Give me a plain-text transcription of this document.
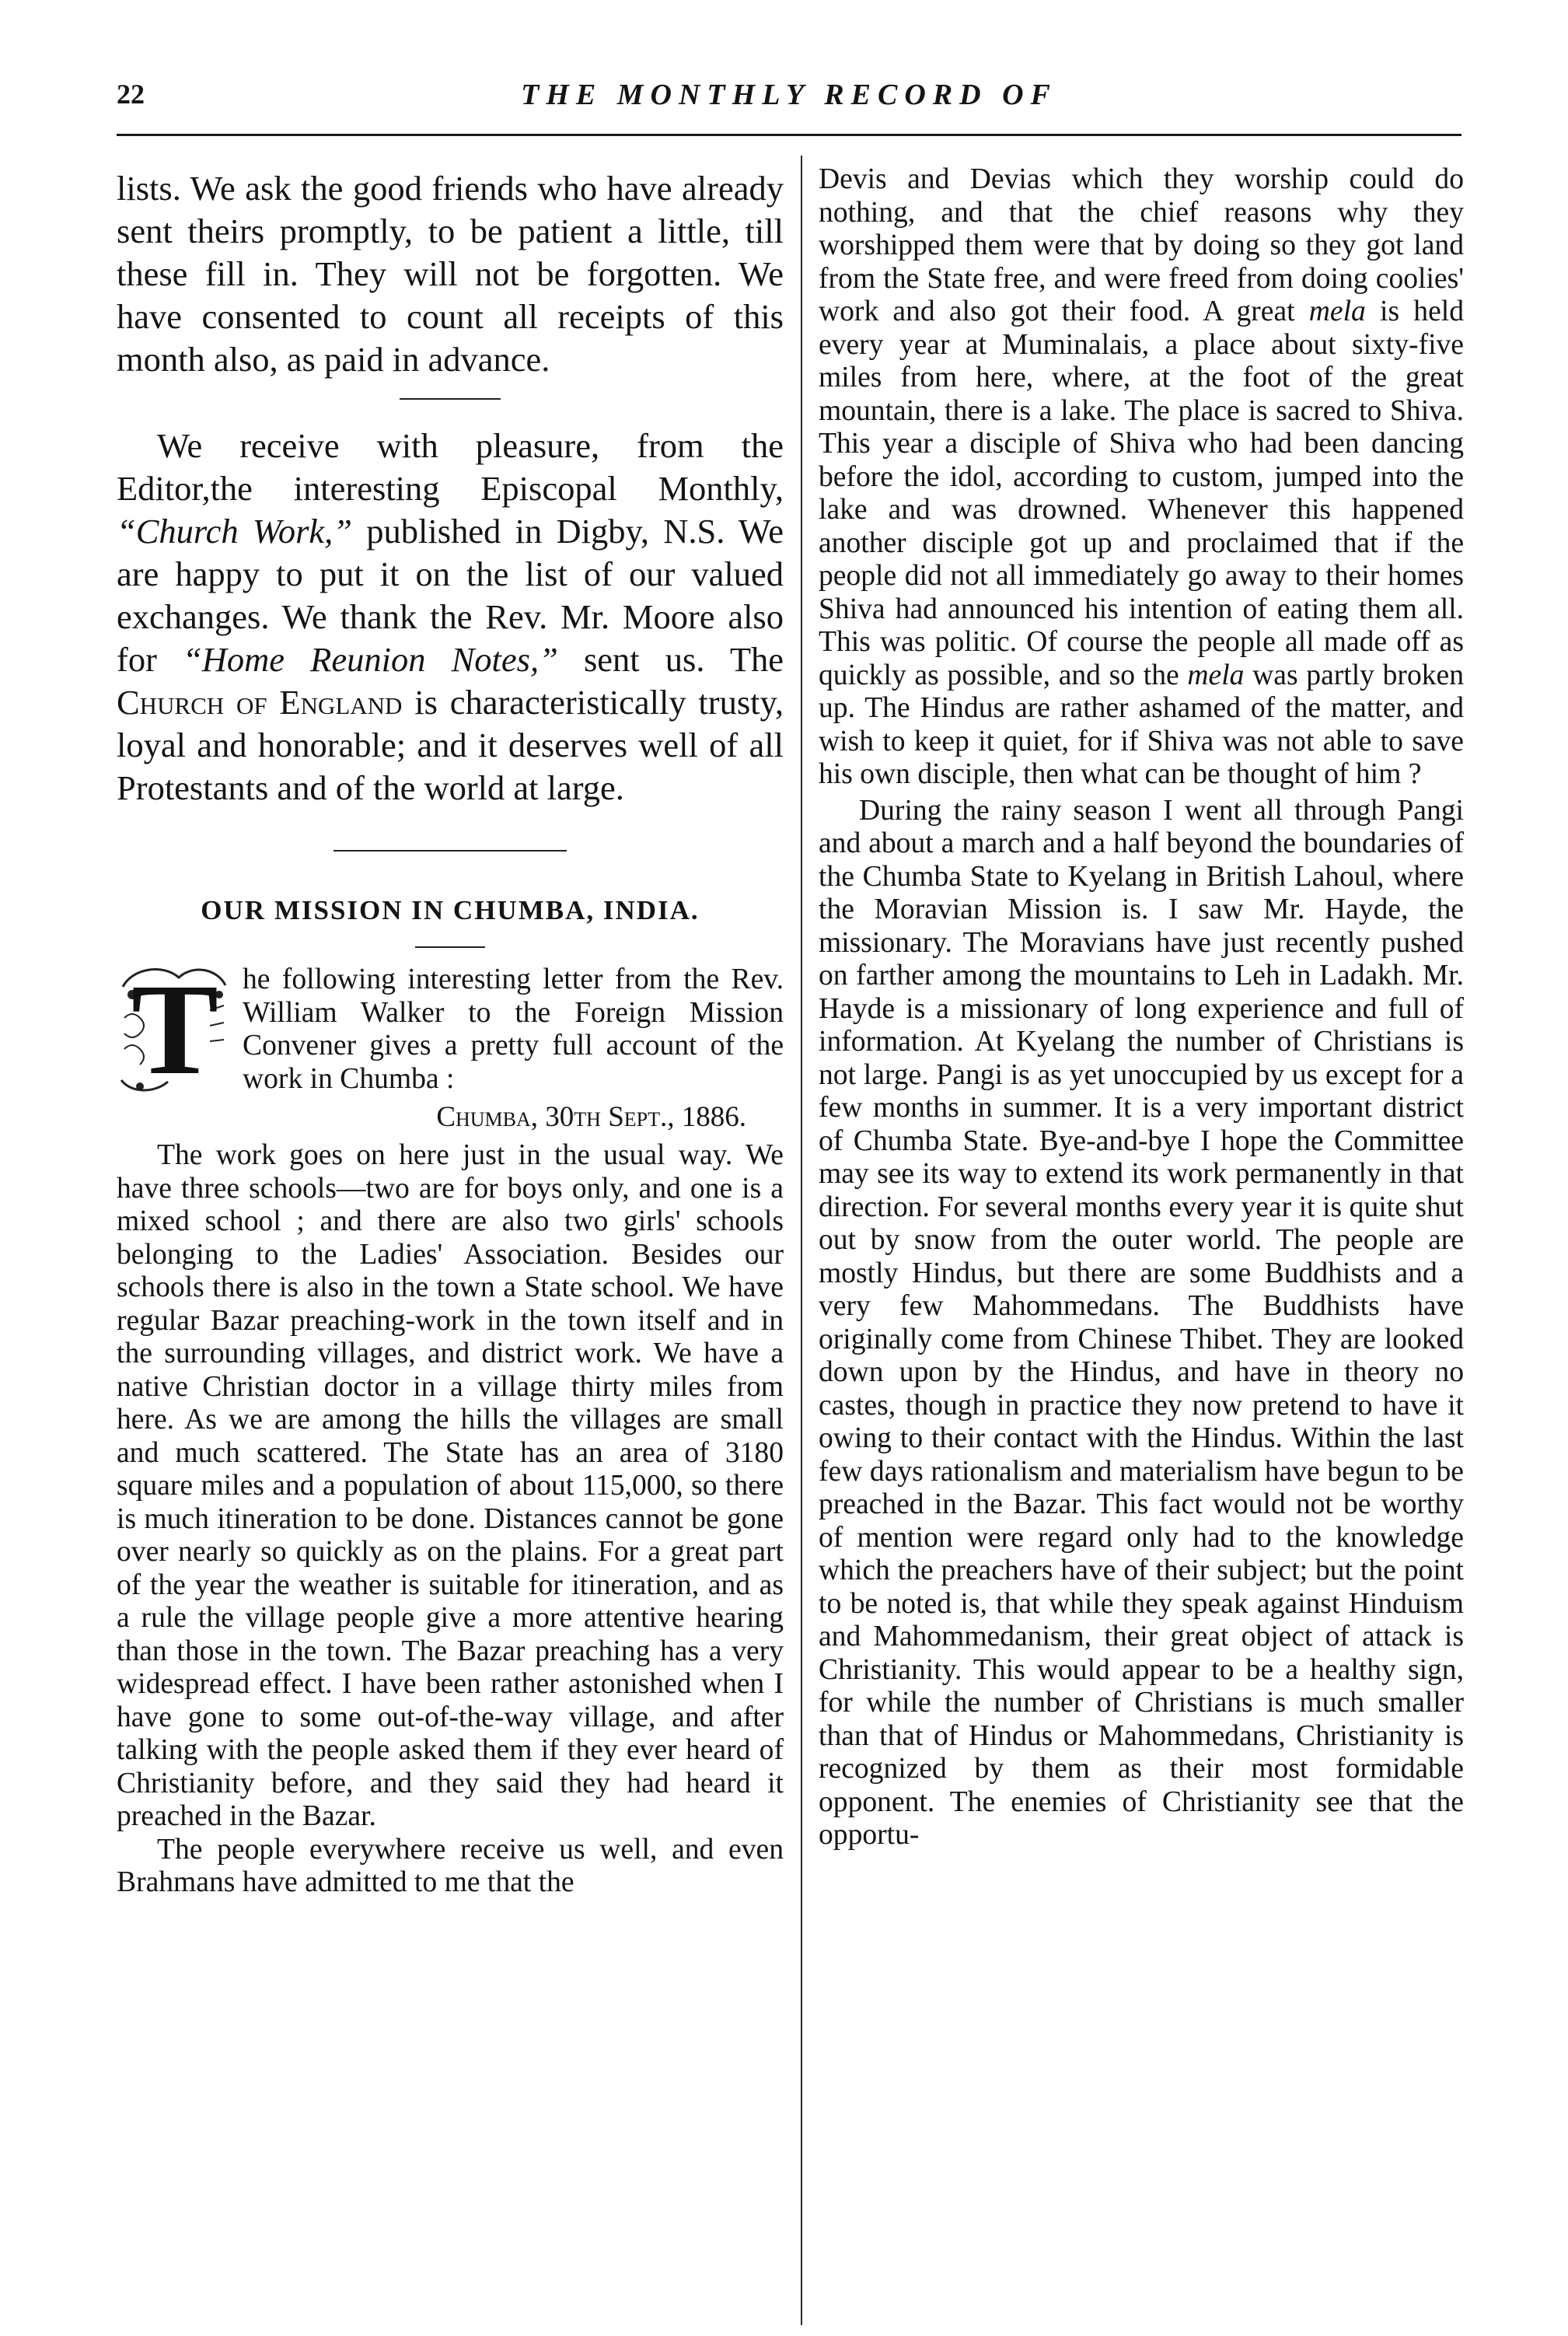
22	THE MONTHLY RECORD OF

lists. We ask the good friends who have already sent theirs promptly, to be patient a little, till these fill in. They will not be forgotten. We have consented to count all receipts of this month also, as paid in advance.

We receive with pleasure, from the Editor,the interesting Episcopal Monthly, “Church Work,” published in Digby, N.S. We are happy to put it on the list of our valued exchanges. We thank the Rev. Mr. Moore also for “Home Reunion Notes,” sent us. The Church of England is characteristically trusty, loyal and honorable; and it deserves well of all Protestants and of the world at large.

OUR MISSION IN CHUMBA, INDIA.
T he following interesting letter from the Rev. William Walker to the Foreign Mission Convener gives a pretty full account of the work in Chumba :
Chumba, 30th Sept., 1886.

The work goes on here just in the usual way. We have three schools—two are for boys only, and one is a mixed school ; and there are also two girls' schools belonging to the Ladies' Association. Besides our schools there is also in the town a State school. We have regular Bazar preaching-work in the town itself and in the surrounding villages, and district work. We have a native Christian doctor in a village thirty miles from here. As we are among the hills the villages are small and much scattered. The State has an area of 3180 square miles and a population of about 115,000, so there is much itineration to be done. Distances cannot be gone over nearly so quickly as on the plains. For a great part of the year the weather is suitable for itineration, and as a rule the village people give a more attentive hearing than those in the town. The Bazar preaching has a very widespread effect. I have been rather astonished when I have gone to some out-of-the-way village, and after talking with the people asked them if they ever heard of Christianity before, and they said they had heard it preached in the Bazar.

The people everywhere receive us well, and even Brahmans have admitted to me that the

Devis and Devias which they worship could do nothing, and that the chief reasons why they worshipped them were that by doing so they got land from the State free, and were freed from doing coolies' work and also got their food. A great mela is held every year at Muminalais, a place about sixty-five miles from here, where, at the foot of the great mountain, there is a lake. The place is sacred to Shiva. This year a disciple of Shiva who had been dancing before the idol, according to custom, jumped into the lake and was drowned. Whenever this happened another disciple got up and proclaimed that if the people did not all immediately go away to their homes Shiva had announced his intention of eating them all. This was politic. Of course the people all made off as quickly as possible, and so the mela was partly broken up. The Hindus are rather ashamed of the matter, and wish to keep it quiet, for if Shiva was not able to save his own disciple, then what can be thought of him ?

During the rainy season I went all through Pangi and about a march and a half beyond the boundaries of the Chumba State to Kyelang in British Lahoul, where the Moravian Mission is. I saw Mr. Hayde, the missionary. The Moravians have just recently pushed on farther among the mountains to Leh in Ladakh. Mr. Hayde is a missionary of long experience and full of information. At Kyelang the number of Christians is not large. Pangi is as yet unoccupied by us except for a few months in summer. It is a very important district of Chumba State. Bye-and-bye I hope the Committee may see its way to extend its work permanently in that direction. For several months every year it is quite shut out by snow from the outer world. The people are mostly Hindus, but there are some Buddhists and a very few Mahommedans. The Buddhists have originally come from Chinese Thibet. They are looked down upon by the Hindus, and have in theory no castes, though in practice they now pretend to have it owing to their contact with the Hindus. Within the last few days rationalism and materialism have begun to be preached in the Bazar. This fact would not be worthy of mention were regard only had to the knowledge which the preachers have of their subject; but the point to be noted is, that while they speak against Hinduism and Mahommedanism, their great object of attack is Christianity. This would appear to be a healthy sign, for while the number of Christians is much smaller than that of Hindus or Mahommedans, Christianity is recognized by them as their most formidable opponent. The enemies of Christianity see that the opportu-
